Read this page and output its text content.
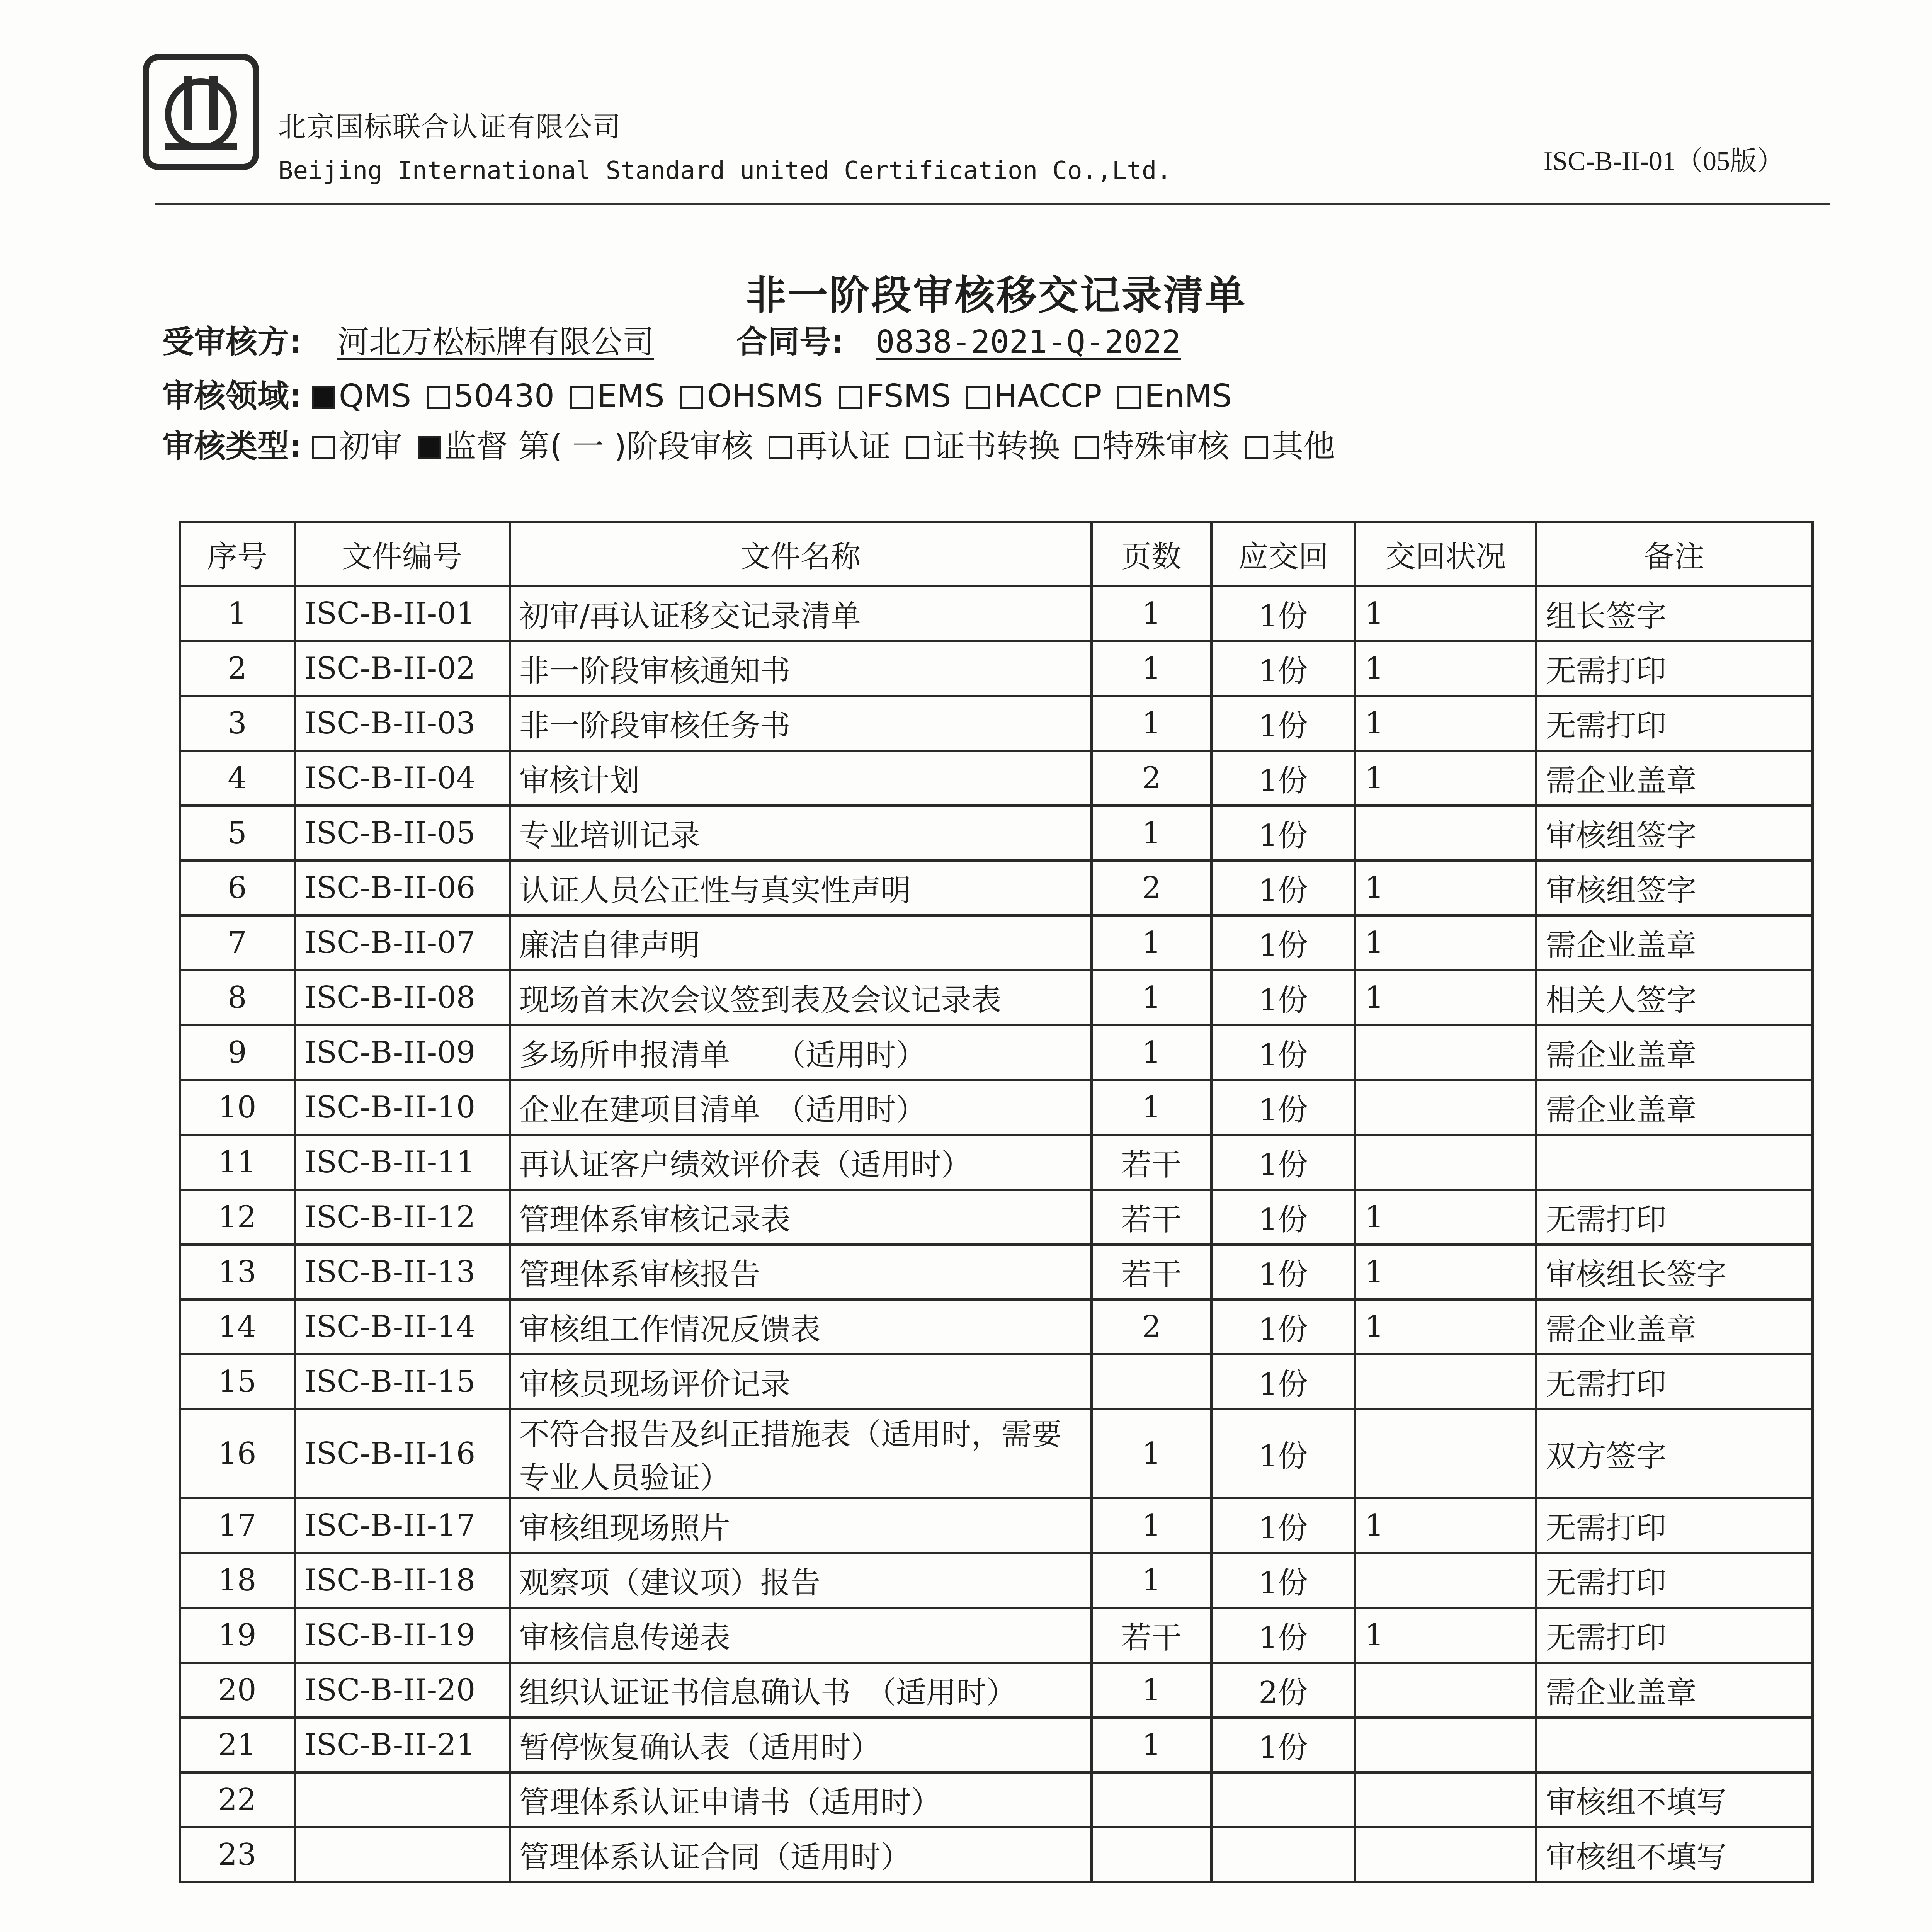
北京国标联合认证有限公司
Beijing International Standard united Certification Co.,Ltd.	ISC-B-II-01（05版）
非一阶段审核移交记录清单
受审核方: 河北万松标牌有限公司	合同号: 0838-2021-Q-2022
审核领域: QMS 50430 EMS OHSMS FSMS HACCP EnMS
审核类型: 初审 监督 第( 一 )阶段审核 再认证 证书转换 特殊审核 其他
序号	文件编号	文件名称	页数	应交回	交回状况	备注
1	ISC-B-II-01	初审/再认证移交记录清单	1	1份	1	组长签字
2	ISC-B-II-02	非一阶段审核通知书	1	1份	1	无需打印
3	ISC-B-II-03	非一阶段审核任务书	1	1份	1	无需打印
4	ISC-B-II-04	审核计划	2	1份	1	需企业盖章
5	ISC-B-II-05	专业培训记录	1	1份		审核组签字
6	ISC-B-II-06	认证人员公正性与真实性声明	2	1份	1	审核组签字
7	ISC-B-II-07	廉洁自律声明	1	1份	1	需企业盖章
8	ISC-B-II-08	现场首末次会议签到表及会议记录表	1	1份	1	相关人签字
9	ISC-B-II-09	多场所申报清单　　（适用时）	1	1份		需企业盖章
10	ISC-B-II-10	企业在建项目清单　（适用时）	1	1份		需企业盖章
11	ISC-B-II-11	再认证客户绩效评价表（适用时）	若干	1份		
12	ISC-B-II-12	管理体系审核记录表	若干	1份	1	无需打印
13	ISC-B-II-13	管理体系审核报告	若干	1份	1	审核组长签字
14	ISC-B-II-14	审核组工作情况反馈表	2	1份	1	需企业盖章
15	ISC-B-II-15	审核员现场评价记录		1份		无需打印
16	ISC-B-II-16	不符合报告及纠正措施表（适用时，需要专业人员验证）	1	1份		双方签字
17	ISC-B-II-17	审核组现场照片	1	1份	1	无需打印
18	ISC-B-II-18	观察项（建议项）报告	1	1份		无需打印
19	ISC-B-II-19	审核信息传递表	若干	1份	1	无需打印
20	ISC-B-II-20	组织认证证书信息确认书　（适用时）	1	2份		需企业盖章
21	ISC-B-II-21	暂停恢复确认表（适用时）	1	1份		
22		管理体系认证申请书（适用时）				审核组不填写
23		管理体系认证合同（适用时）				审核组不填写
